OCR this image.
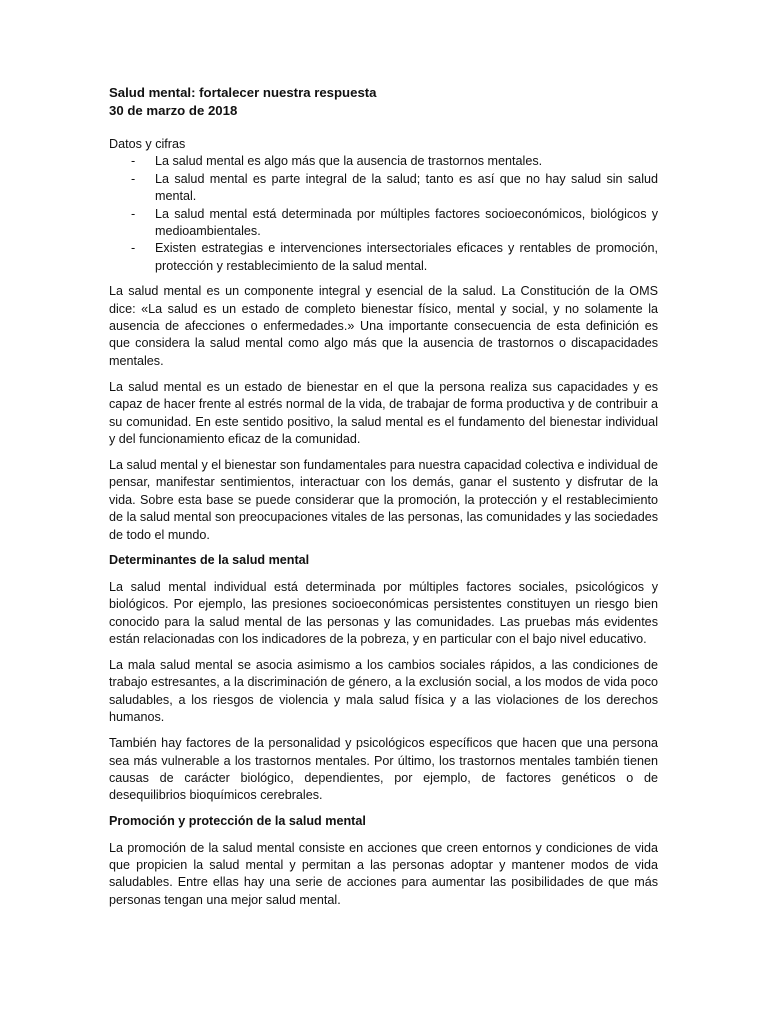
Salud mental: fortalecer nuestra respuesta
30 de marzo de 2018
Datos y cifras
- La salud mental es algo más que la ausencia de trastornos mentales.
- La salud mental es parte integral de la salud; tanto es así que no hay salud sin salud mental.
- La salud mental está determinada por múltiples factores socioeconómicos, biológicos y medioambientales.
- Existen estrategias e intervenciones intersectoriales eficaces y rentables de promoción, protección y restablecimiento de la salud mental.

La salud mental es un componente integral y esencial de la salud. La Constitución de la OMS dice: «La salud es un estado de completo bienestar físico, mental y social, y no solamente la ausencia de afecciones o enfermedades.» Una importante consecuencia de esta definición es que considera la salud mental como algo más que la ausencia de trastornos o discapacidades mentales.

La salud mental es un estado de bienestar en el que la persona realiza sus capacidades y es capaz de hacer frente al estrés normal de la vida, de trabajar de forma productiva y de contribuir a su comunidad. En este sentido positivo, la salud mental es el fundamento del bienestar individual y del funcionamiento eficaz de la comunidad.

La salud mental y el bienestar son fundamentales para nuestra capacidad colectiva e individual de pensar, manifestar sentimientos, interactuar con los demás, ganar el sustento y disfrutar de la vida. Sobre esta base se puede considerar que la promoción, la protección y el restablecimiento de la salud mental son preocupaciones vitales de las personas, las comunidades y las sociedades de todo el mundo.

Determinantes de la salud mental

La salud mental individual está determinada por múltiples factores sociales, psicológicos y biológicos. Por ejemplo, las presiones socioeconómicas persistentes constituyen un riesgo bien conocido para la salud mental de las personas y las comunidades. Las pruebas más evidentes están relacionadas con los indicadores de la pobreza, y en particular con el bajo nivel educativo.

La mala salud mental se asocia asimismo a los cambios sociales rápidos, a las condiciones de trabajo estresantes, a la discriminación de género, a la exclusión social, a los modos de vida poco saludables, a los riesgos de violencia y mala salud física y a las violaciones de los derechos humanos.

También hay factores de la personalidad y psicológicos específicos que hacen que una persona sea más vulnerable a los trastornos mentales. Por último, los trastornos mentales también tienen causas de carácter biológico, dependientes, por ejemplo, de factores genéticos o de desequilibrios bioquímicos cerebrales.

Promoción y protección de la salud mental

La promoción de la salud mental consiste en acciones que creen entornos y condiciones de vida que propicien la salud mental y permitan a las personas adoptar y mantener modos de vida saludables. Entre ellas hay una serie de acciones para aumentar las posibilidades de que más personas tengan una mejor salud mental.
